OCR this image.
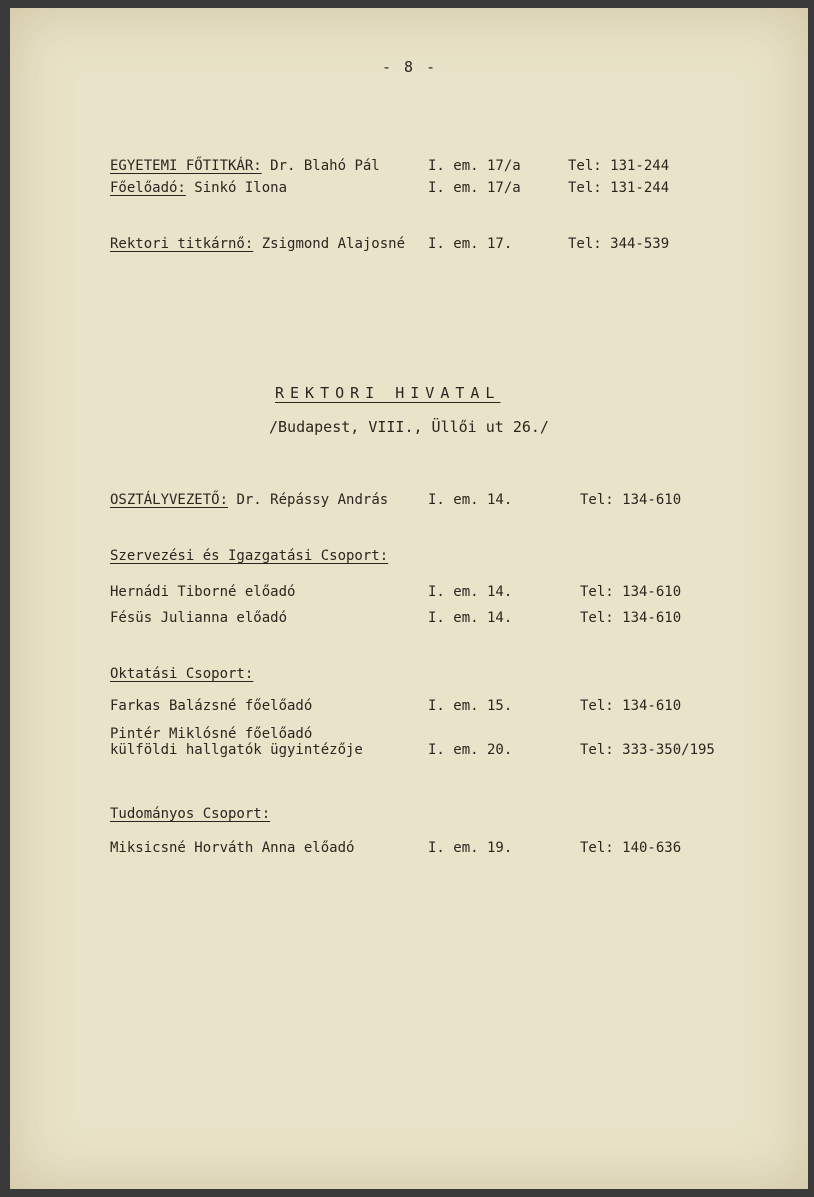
- 8 -
EGYETEMI FŐTITKÁR: Dr. Blahó Pál	I. em. 17/a	Tel: 131-244
Főelőadó: Sinkó Ilona	I. em. 17/a	Tel: 131-244
Rektori titkárnő: Zsigmond Alajosné I. em. 17.	Tel: 344-539
REKTORI HIVATAL
/Budapest, VIII., Üllői ut 26./
OSZTÁLYVEZETŐ: Dr. Répássy András	I. em. 14.	Tel: 134-610
Szervezési és Igazgatási Csoport:
Hernádi Tiborné előadó	I. em. 14.	Tel: 134-610
Fésüs Julianna előadó	I. em. 14.	Tel: 134-610
Oktatási Csoport:
Farkas Balázsné főelőadó	I. em. 15.	Tel: 134-610
Pintér Miklósné főelőadó
külföldi hallgatók ügyintézője	I. em. 20.	Tel: 333-350/195
Tudományos Csoport:
Miksicsné Horváth Anna előadó	I. em. 19.	Tel: 140-636
